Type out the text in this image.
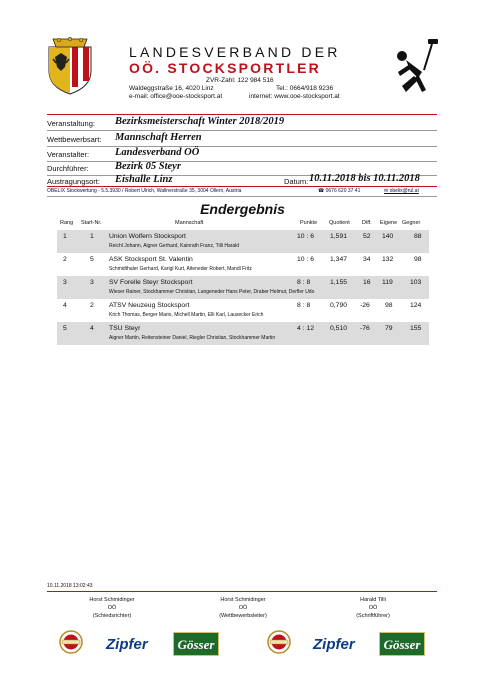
LANDESVERBAND DER
OÖ. STOCKSPORTLER
ZVR-Zahl: 122 984 516
Waldeggstraße 16, 4020 Linz	Tel.: 0664/918 9236
e-mail: office@ooe-stocksport.at	internet: www.ooe-stocksport.at
Veranstaltung: Bezirksmeisterschaft Winter 2018/2019
Wettbewerbsart: Mannschaft Herren
Veranstalter: Landesverband OÖ
Durchführer:	Bezirk 05 Steyr
Austragungsort: Eishalle Linz	Datum: 10.11.2018 bis 10.11.2018
OBELIX Stockwertung - 5.5.3930 / Robert Ulrich, Wallnerstraße 35, 3004 Ollern, Austria	☎ 0676 620 37 41	✉ obelix@rul.at
Endergebnis
Rang Start-Nr.	Mannschaft	Punkte Quotient Diff. Eigene Gegner
1	1 Union Wolfern Stocksport	10 : 6 1,591 52 140	88
Reichl Johann, Aigner Gerhard, Kainrath Franz, Tilli Harald
2	5 ASK Stocksport St. Valentin	10 : 6 1,347 34 132	98
Schmidthaler Gerhard, Karigl Kurt, Alteneder Robert, Mandl Fritz
3	3 SV Forelle Steyr Stocksport	8 : 8	1,155 16 119	103
Wieser Rainer, Stockhammer Christian, Langeneder Hans Peter, Draber Helmut, Derfler Udo
4	2 ATSV Neuzeug Stocksport	8 : 8	0,790 -26 98	124
Krich Thomas, Berger Mario, Michell Martin, Elli Karl, Lausecker Erich
5	4 TSU Steyr	4 : 12 0,510 -76 79	155
Aigner Martin, Reitensteiner Daniel, Riegler Christian, Stockhammer Martin
10.11.2018 13:02:43
Horst Schmidinger
OÖ
(Schiedsrichter)
Horst Schmidinger
OÖ
(Wettbewerbsleiter)
Harald Tilli
OÖ
(Schriftführer)
Zipfer	Gösser	Zipfer	Gösser
